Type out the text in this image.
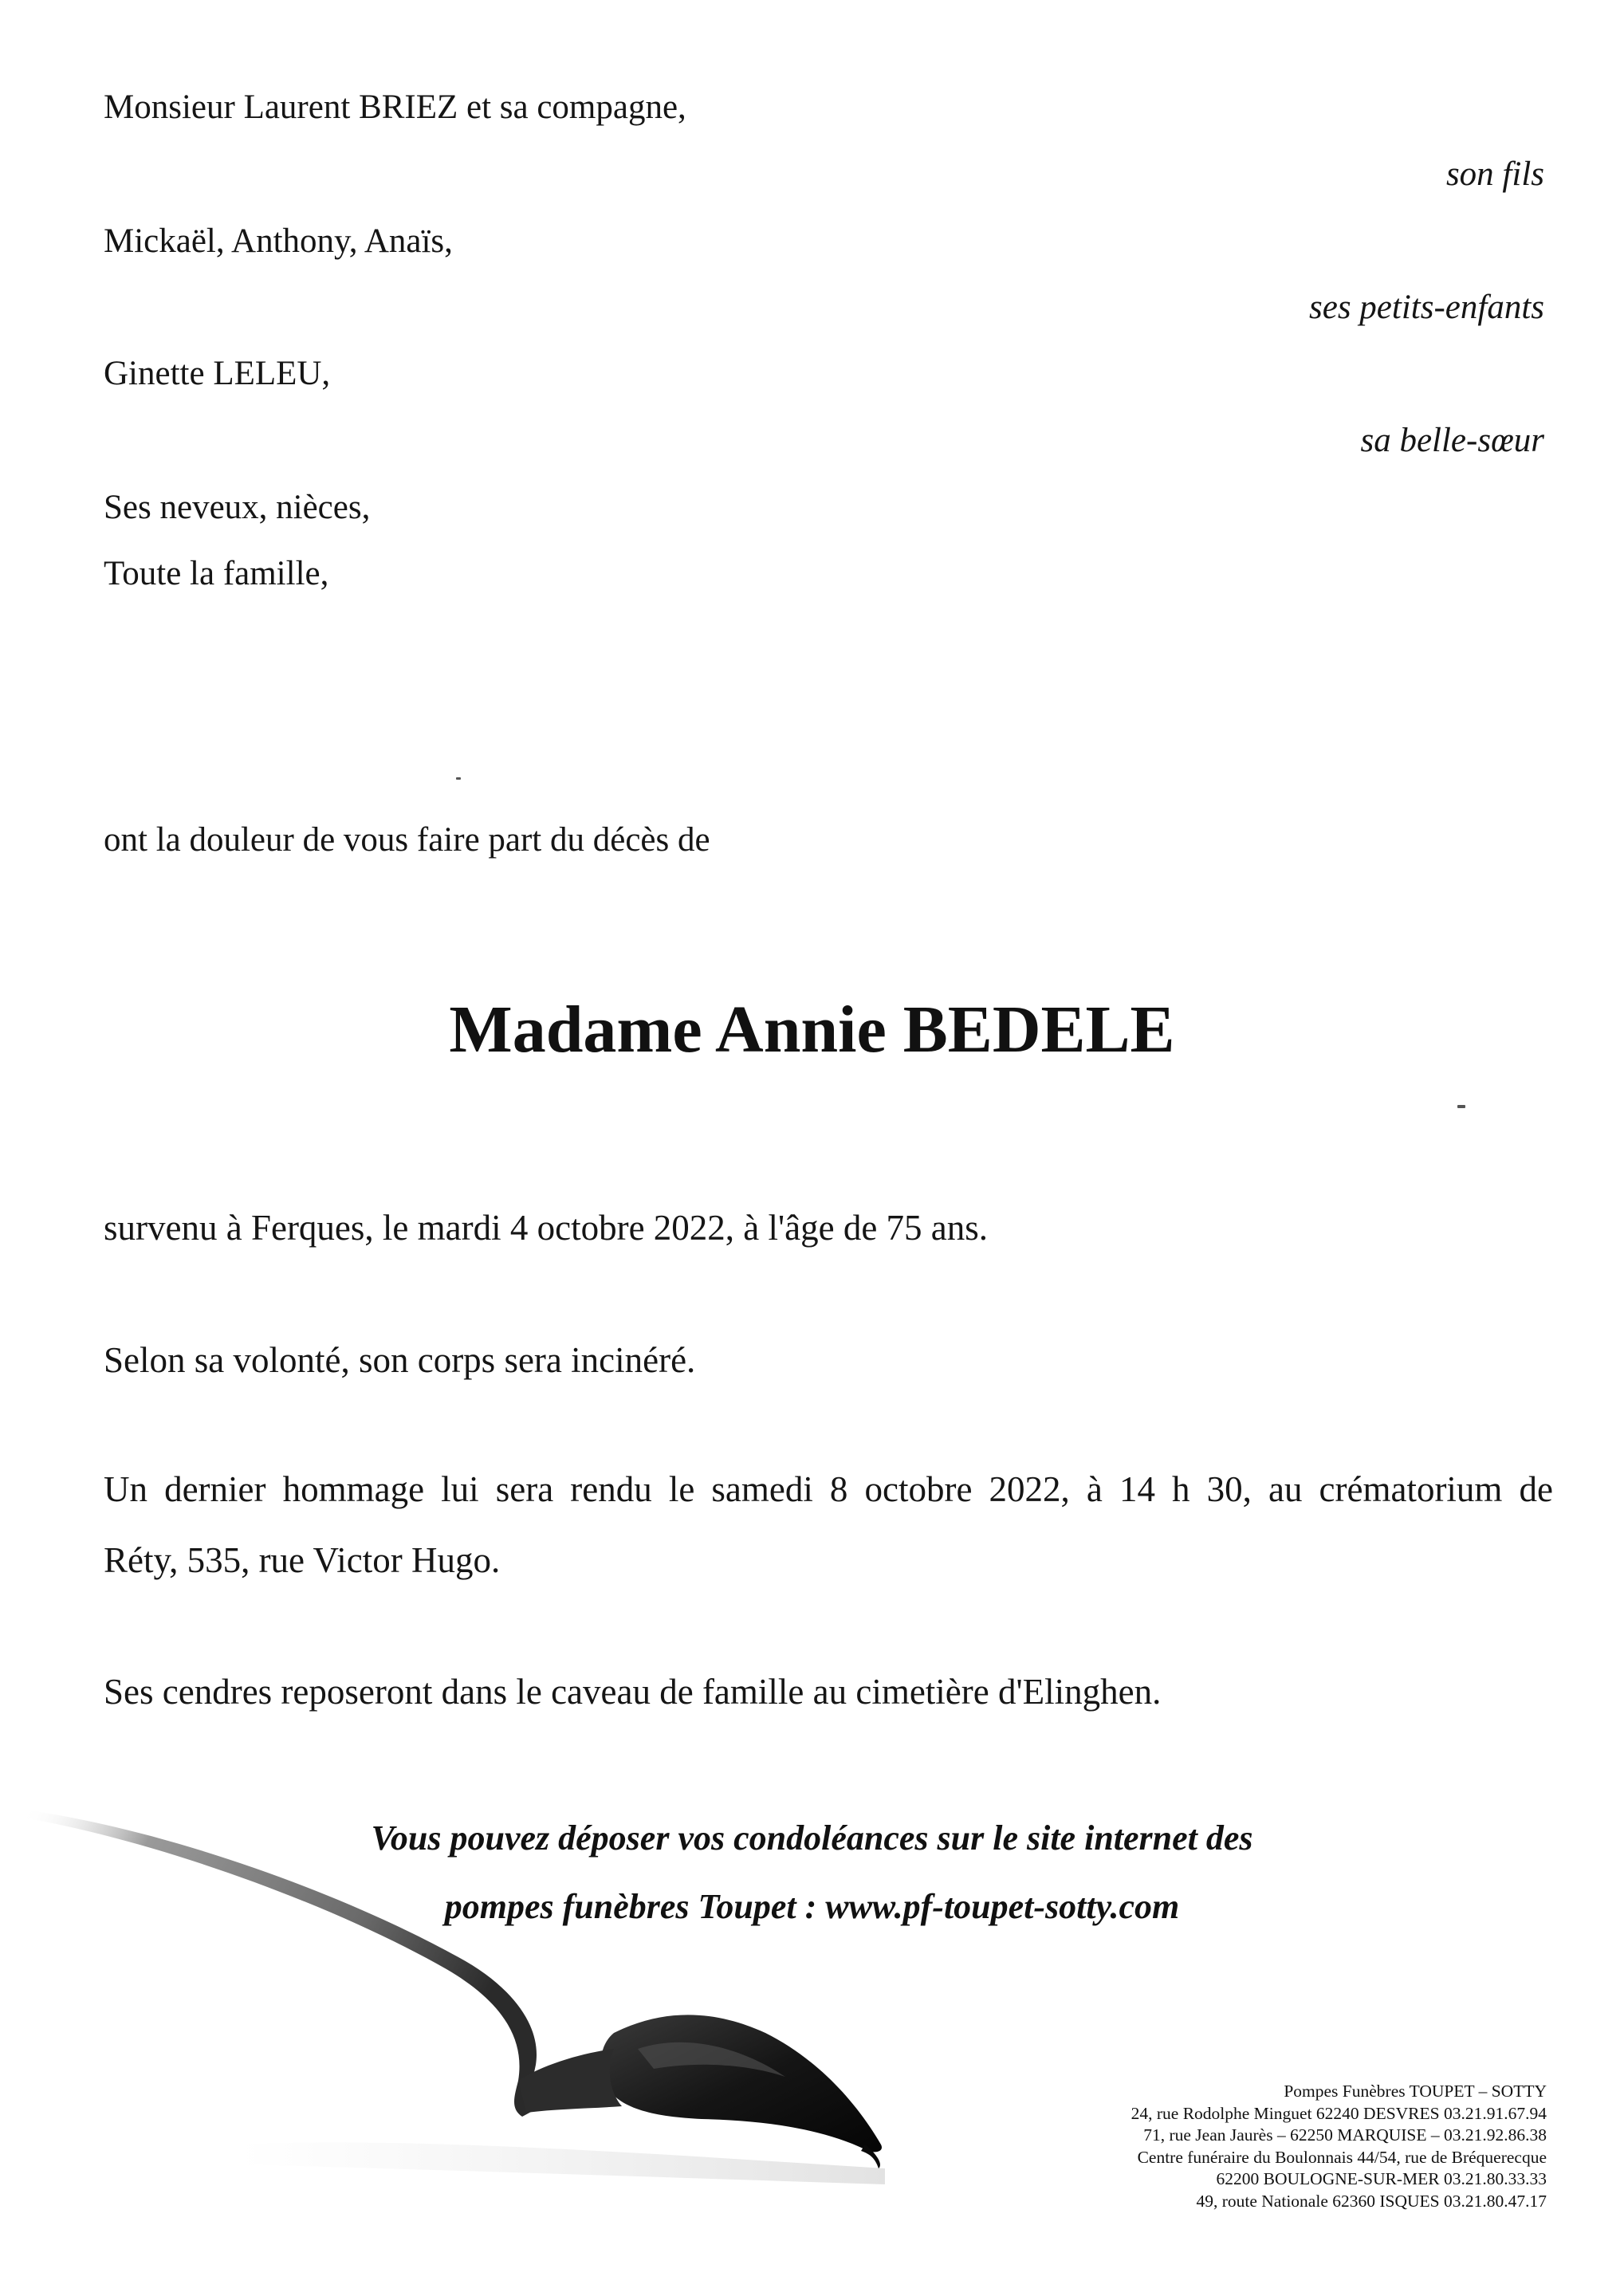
Monsieur Laurent BRIEZ et sa compagne,
son fils
Mickaël, Anthony, Anaïs,
ses petits-enfants
Ginette LELEU,
sa belle-sœur
Ses neveux, nièces,
Toute la famille,
ont la douleur de vous faire part du décès de
Madame Annie BEDELE
survenu à Ferques, le mardi 4 octobre 2022, à l'âge de 75 ans.
Selon sa volonté, son corps sera incinéré.
Un dernier hommage lui sera rendu le samedi 8 octobre 2022, à 14 h 30, au crématorium de
Réty, 535, rue Victor Hugo.
Ses cendres reposeront dans le caveau de famille au cimetière d'Elinghen.
Vous pouvez déposer vos condoléances sur le site internet des
pompes funèbres Toupet : www.pf-toupet-sotty.com
Pompes Funèbres TOUPET – SOTTY
24, rue Rodolphe Minguet 62240 DESVRES 03.21.91.67.94
71, rue Jean Jaurès – 62250 MARQUISE – 03.21.92.86.38
Centre funéraire du Boulonnais 44/54, rue de Bréquerecque
62200 BOULOGNE-SUR-MER 03.21.80.33.33
49, route Nationale 62360 ISQUES 03.21.80.47.17
